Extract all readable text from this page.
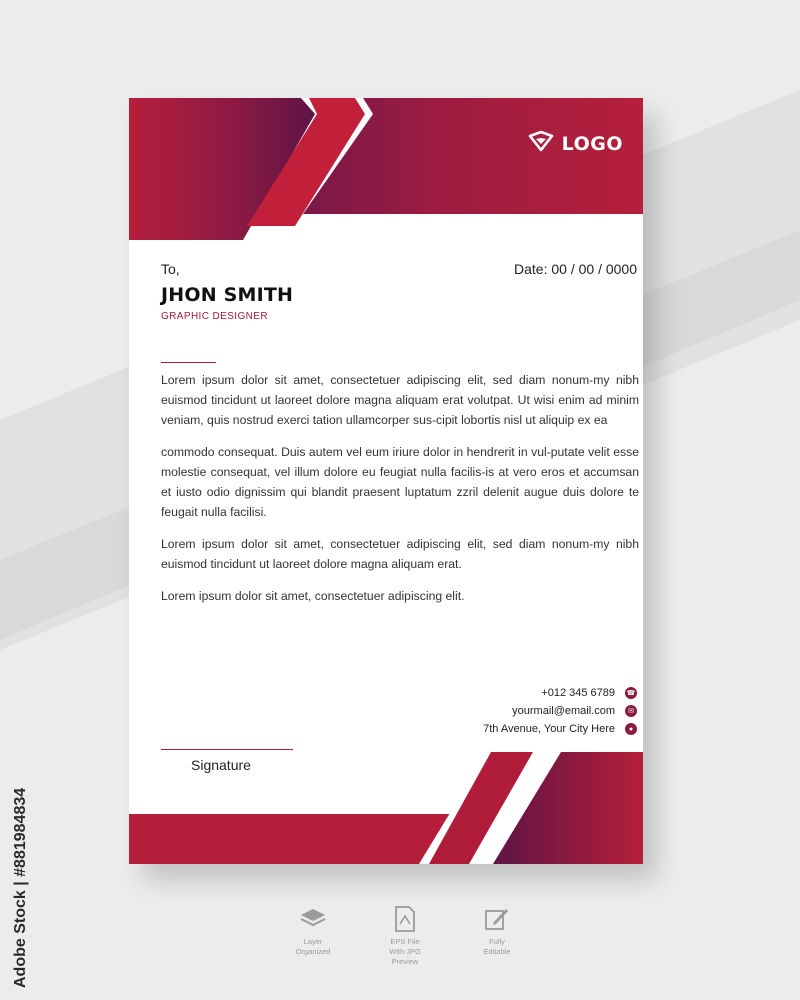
LOGO
To,	Date: 00 / 00 / 0000
JHON SMITH
GRAPHIC DESIGNER

Lorem ipsum dolor sit amet, consectetuer adipiscing elit, sed diam nonum-my nibh euismod tincidunt ut laoreet dolore magna aliquam erat volutpat. Ut wisi enim ad minim veniam, quis nostrud exerci tation ullamcorper sus-cipit lobortis nisl ut aliquip ex ea

commodo consequat. Duis autem vel eum iriure dolor in hendrerit in vul-putate velit esse molestie consequat, vel illum dolore eu feugiat nulla facilis-is at vero eros et accumsan et iusto odio dignissim qui blandit praesent luptatum zzril delenit augue duis dolore te feugait nulla facilisi.

Lorem ipsum dolor sit amet, consectetuer adipiscing elit, sed diam nonum-my nibh euismod tincidunt ut laoreet dolore magna aliquam erat.

Lorem ipsum dolor sit amet, consectetuer adipiscing elit.

+012 345 6789 ☎
yourmail@email.com	✉
7th Avenue, Your City Here	●
Signature
Adobe Stock | #881984834	Layer
Organized
EPS File
With JPG Preview
Fully
Editable
